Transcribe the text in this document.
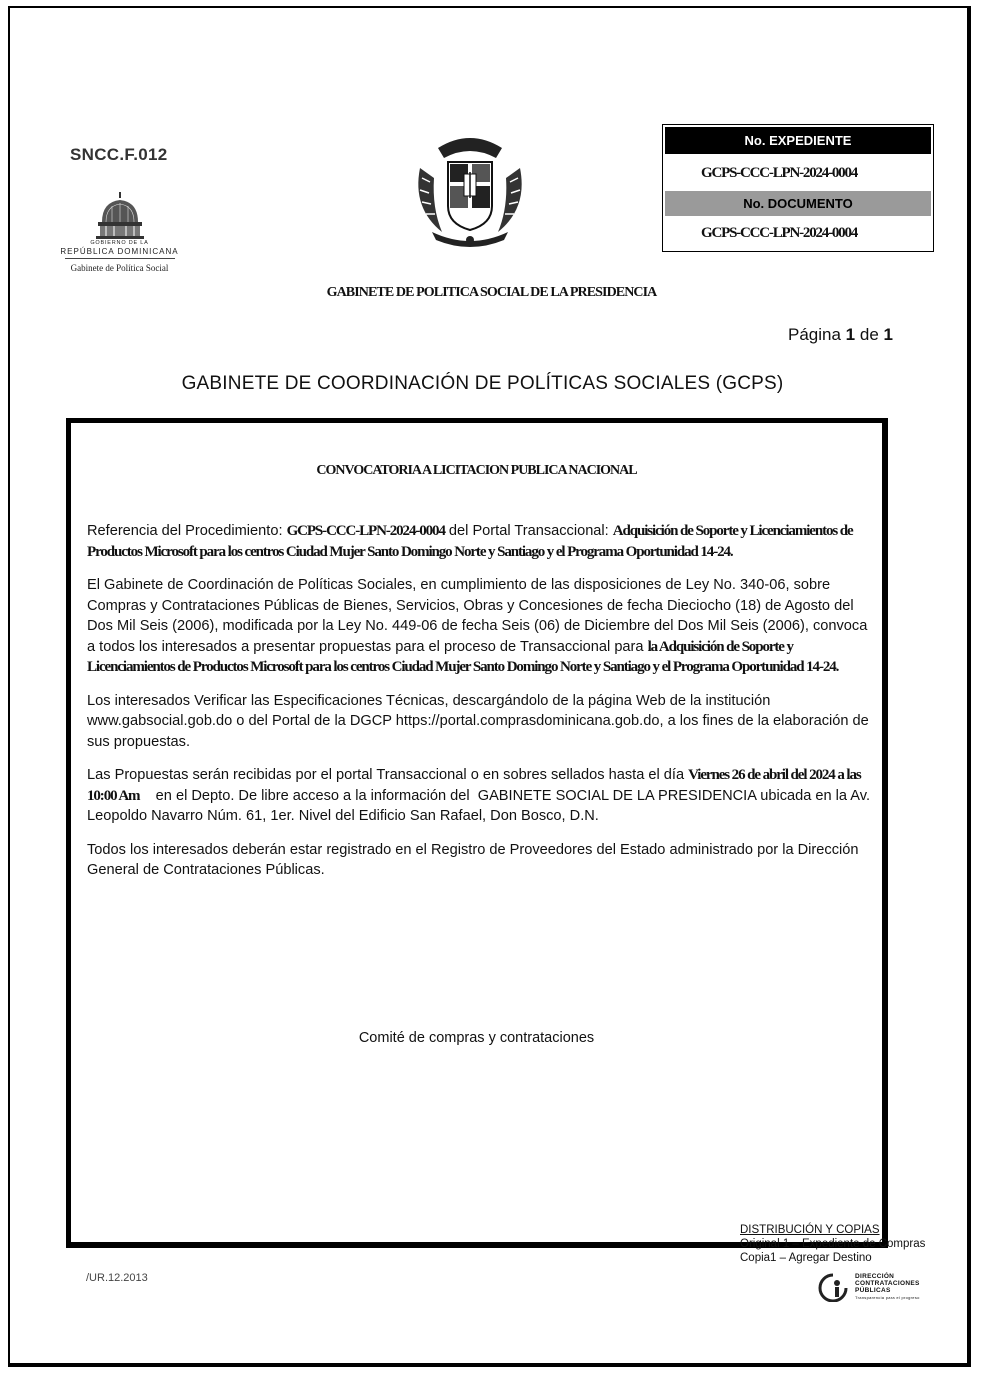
SNCC.F.012
GOBIERNO DE LA
REPÚBLICA DOMINICANA
Gabinete de Política Social
No. EXPEDIENTE
GCPS-CCC-LPN-2024-0004
No. DOCUMENTO
GCPS-CCC-LPN-2024-0004
GABINETE DE POLITICA SOCIAL DE LA PRESIDENCIA
Página 1 de 1
GABINETE DE COORDINACIÓN DE POLÍTICAS SOCIALES (GCPS)
CONVOCATORIA A LICITACION PUBLICA NACIONAL

Referencia del Procedimiento: GCPS-CCC-LPN-2024-0004 del Portal Transaccional: Adquisición de Soporte y Licenciamientos de Productos Microsoft para los centros Ciudad Mujer Santo Domingo Norte y Santiago y el Programa Oportunidad 14-24.

El Gabinete de Coordinación de Políticas Sociales, en cumplimiento de las disposiciones de Ley No. 340-06, sobre Compras y Contrataciones Públicas de Bienes, Servicios, Obras y Concesiones de fecha Dieciocho (18) de Agosto del Dos Mil Seis (2006), modificada por la Ley No. 449-06 de fecha Seis (06) de Diciembre del Dos Mil Seis (2006), convoca a todos los interesados a presentar propuestas para el proceso de Transaccional para la Adquisición de Soporte y Licenciamientos de Productos Microsoft para los centros Ciudad Mujer Santo Domingo Norte y Santiago y el Programa Oportunidad 14-24.

Los interesados Verificar las Especificaciones Técnicas, descargándolo de la página Web de la institución www.gabsocial.gob.do o del Portal de la DGCP https://portal.comprasdominicana.gob.do, a los fines de la elaboración de sus propuestas.

Las Propuestas serán recibidas por el portal Transaccional o en sobres sellados hasta el día Viernes 26 de abril del 2024 a las 10:00 Am    en el Depto. De libre acceso a la información del  GABINETE SOCIAL DE LA PRESIDENCIA ubicada en la Av. Leopoldo Navarro Núm. 61, 1er. Nivel del Edificio San Rafael, Don Bosco, D.N.

Todos los interesados deberán estar registrado en el Registro de Proveedores del Estado administrado por la Dirección General de Contrataciones Públicas.

Comité de compras y contrataciones
DISTRIBUCIÓN Y COPIAS
Original 1 – Expediente de Compras
Copia1 – Agregar Destino
/UR.12.2013	DIRECCIÓN
CONTRATACIONES
PÚBLICAS
Transparencia para el progreso
